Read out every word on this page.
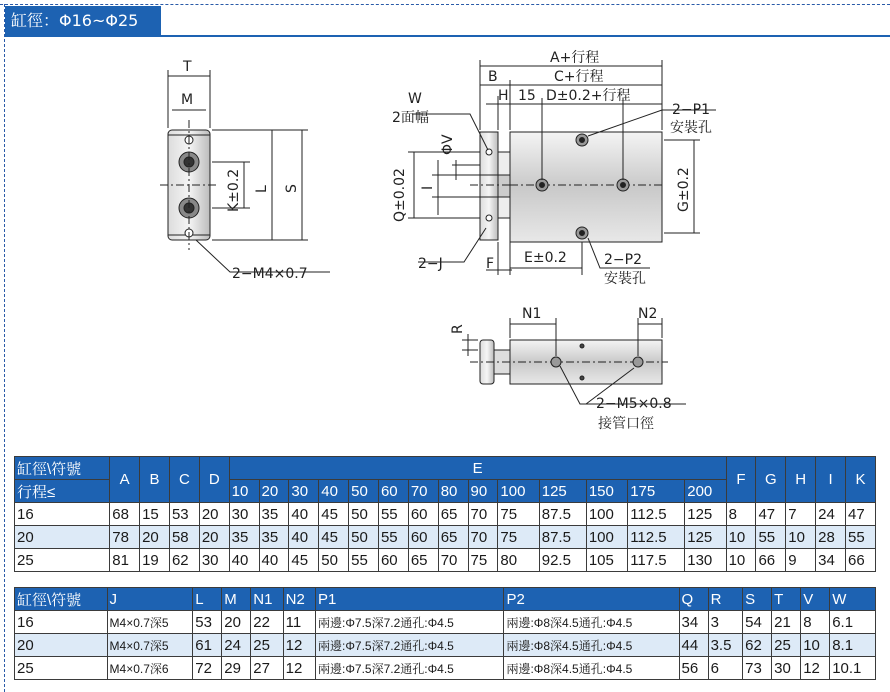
缸徑：Φ16~Φ25
T
M
K±0.2 L S
2−M4×0.7
W
2面幅
ΦV
Q±0.02 I
2−J	F E±0.2	2−P2
安裝孔
2−P1
安裝孔
G±0.2
A+行程
C+行程
B
H 15 D±0.2+行程
R
N1	N2
2−M5×0.8
接管口徑
缸徑\符號	A	B	C	D	E														F	G	H	I	K
行程≤					10	20	30	40	50	60	70	80	90	100	125	150	175	200					
16	68	15	53	20	30	35	40	45	50	55	60	65	70	75	87.5	100	112.5	125	8	47	7	24	47
20	78	20	58	20	35	35	40	45	50	55	60	65	70	75	87.5	100	112.5	125	10	55	10	28	55
25	81	19	62	30	40	40	45	50	55	60	65	70	75	80	92.5	105	117.5	130	10	66	9	34	66
缸徑\符號	J	L	M	N1	N2	P1	P2	Q	R	S	T	V	W
16	M4×0.7深5	53	20	22	11	兩邊:Φ7.5深7.2通孔:Φ4.5	兩邊:Φ8深4.5通孔:Φ4.5	34	3	54	21	8	6.1
20	M4×0.7深5	61	24	25	12	兩邊:Φ7.5深7.2通孔:Φ4.5	兩邊:Φ8深4.5通孔:Φ4.5	44	3.5	62	25	10	8.1
25	M4×0.7深6	72	29	27	12	兩邊:Φ7.5深7.2通孔:Φ4.5	兩邊:Φ8深4.5通孔:Φ4.5	56	6	73	30	12	10.1
